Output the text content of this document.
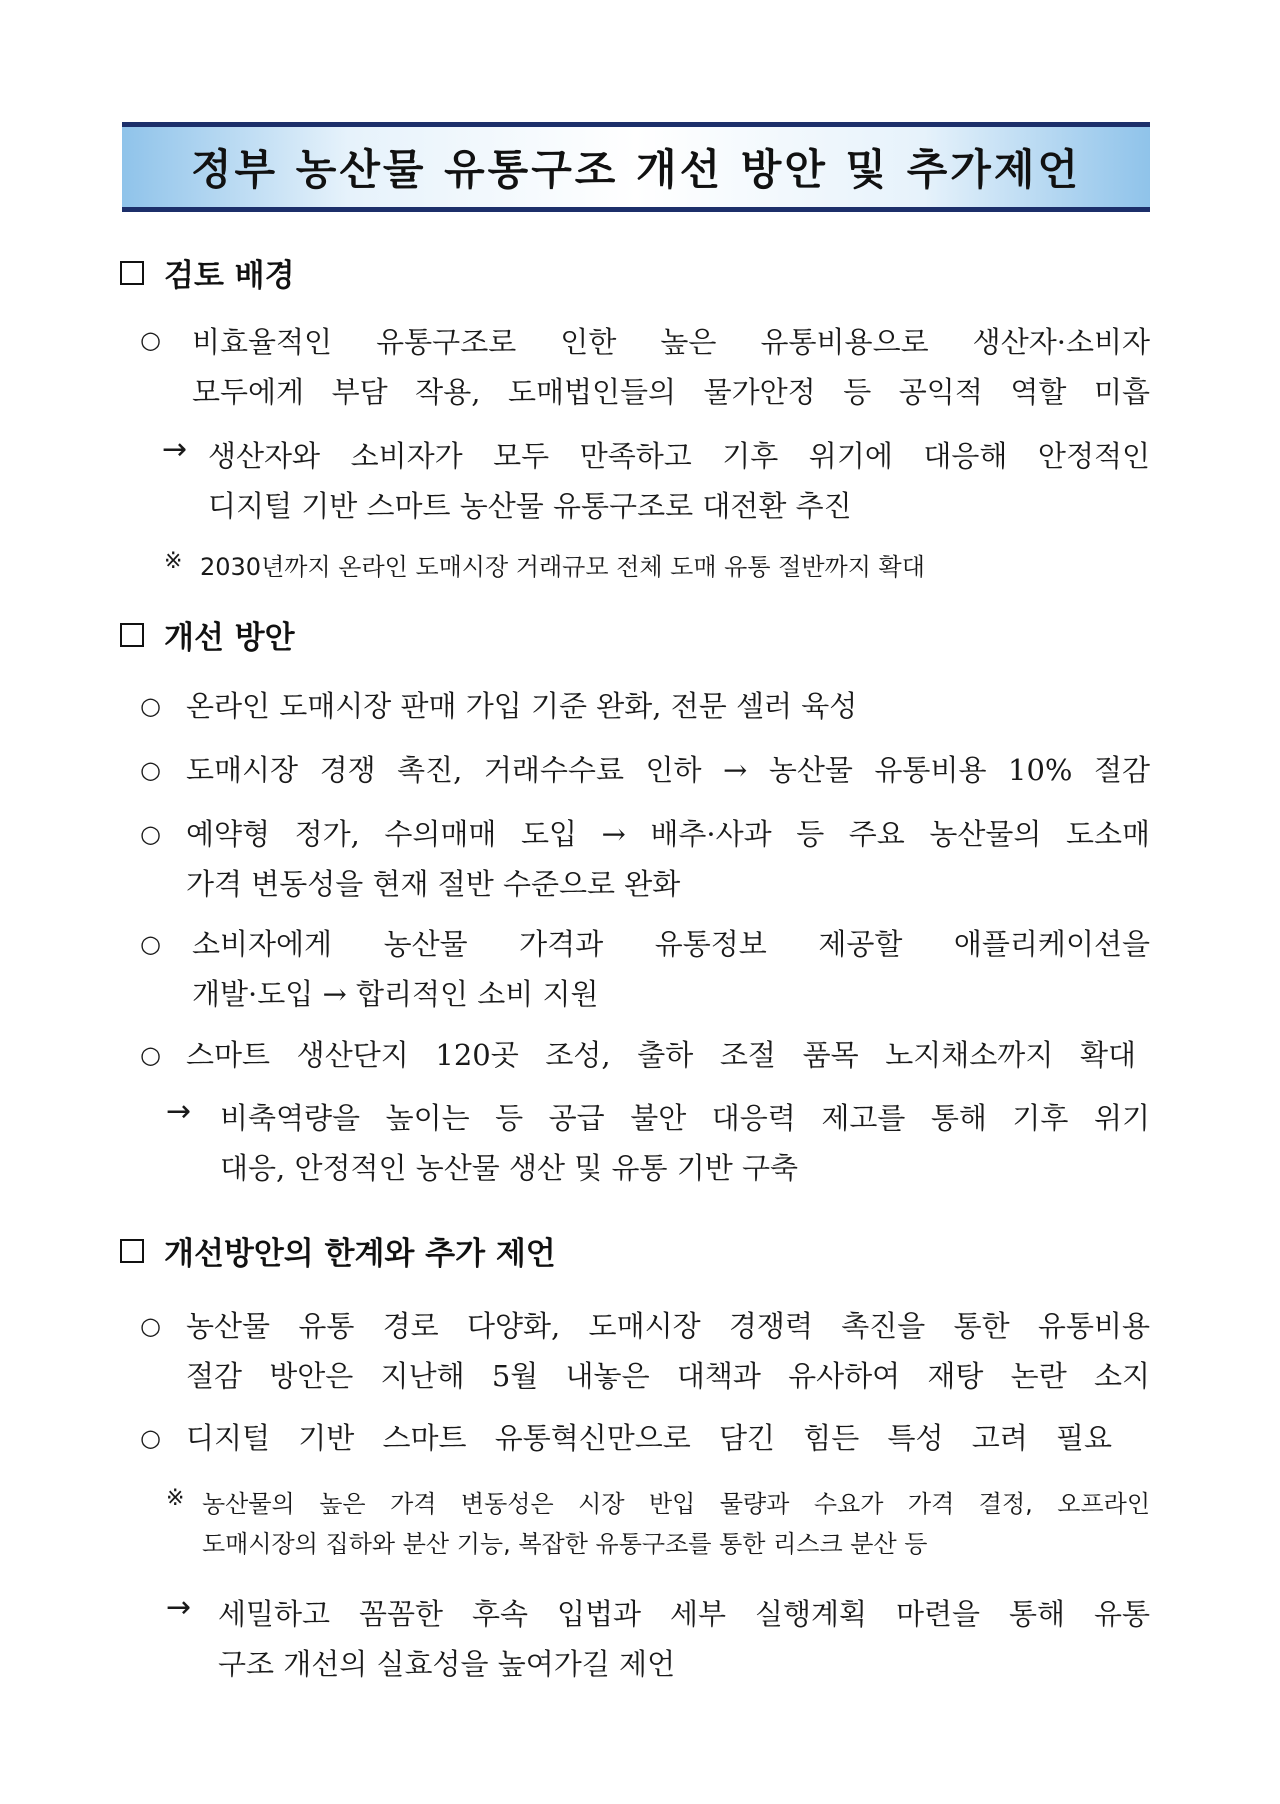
정부 농산물 유통구조 개선 방안 및 추가제언
검토 배경
○ 비효율적인 유통구조로 인한 높은 유통비용으로 생산자·소비자
모두에게 부담 작용, 도매법인들의 물가안정 등 공익적 역할 미흡
→ 생산자와 소비자가 모두 만족하고 기후 위기에 대응해 안정적인
디지털 기반 스마트 농산물 유통구조로 대전환 추진
※ 2030년까지 온라인 도매시장 거래규모 전체 도매 유통 절반까지 확대
개선 방안
○ 온라인 도매시장 판매 가입 기준 완화, 전문 셀러 육성
○ 도매시장 경쟁 촉진, 거래수수료 인하 → 농산물 유통비용 10% 절감
○ 예약형 정가, 수의매매 도입 → 배추·사과 등 주요 농산물의 도소매
가격 변동성을 현재 절반 수준으로 완화
○ 소비자에게 농산물 가격과 유통정보 제공할 애플리케이션을
개발·도입 → 합리적인 소비 지원
○ 스마트 생산단지 120곳 조성, 출하 조절 품목 노지채소까지 확대
→ 비축역량을 높이는 등 공급 불안 대응력 제고를 통해 기후 위기
대응, 안정적인 농산물 생산 및 유통 기반 구축
개선방안의 한계와 추가 제언
○ 농산물 유통 경로 다양화, 도매시장 경쟁력 촉진을 통한 유통비용
절감 방안은 지난해 5월 내놓은 대책과 유사하여 재탕 논란 소지
○ 디지털 기반 스마트 유통혁신만으로 담긴 힘든 특성 고려 필요
※ 농산물의 높은 가격 변동성은 시장 반입 물량과 수요가 가격 결정, 오프라인
도매시장의 집하와 분산 기능, 복잡한 유통구조를 통한 리스크 분산 등
→ 세밀하고 꼼꼼한 후속 입법과 세부 실행계획 마련을 통해 유통
구조 개선의 실효성을 높여가길 제언
